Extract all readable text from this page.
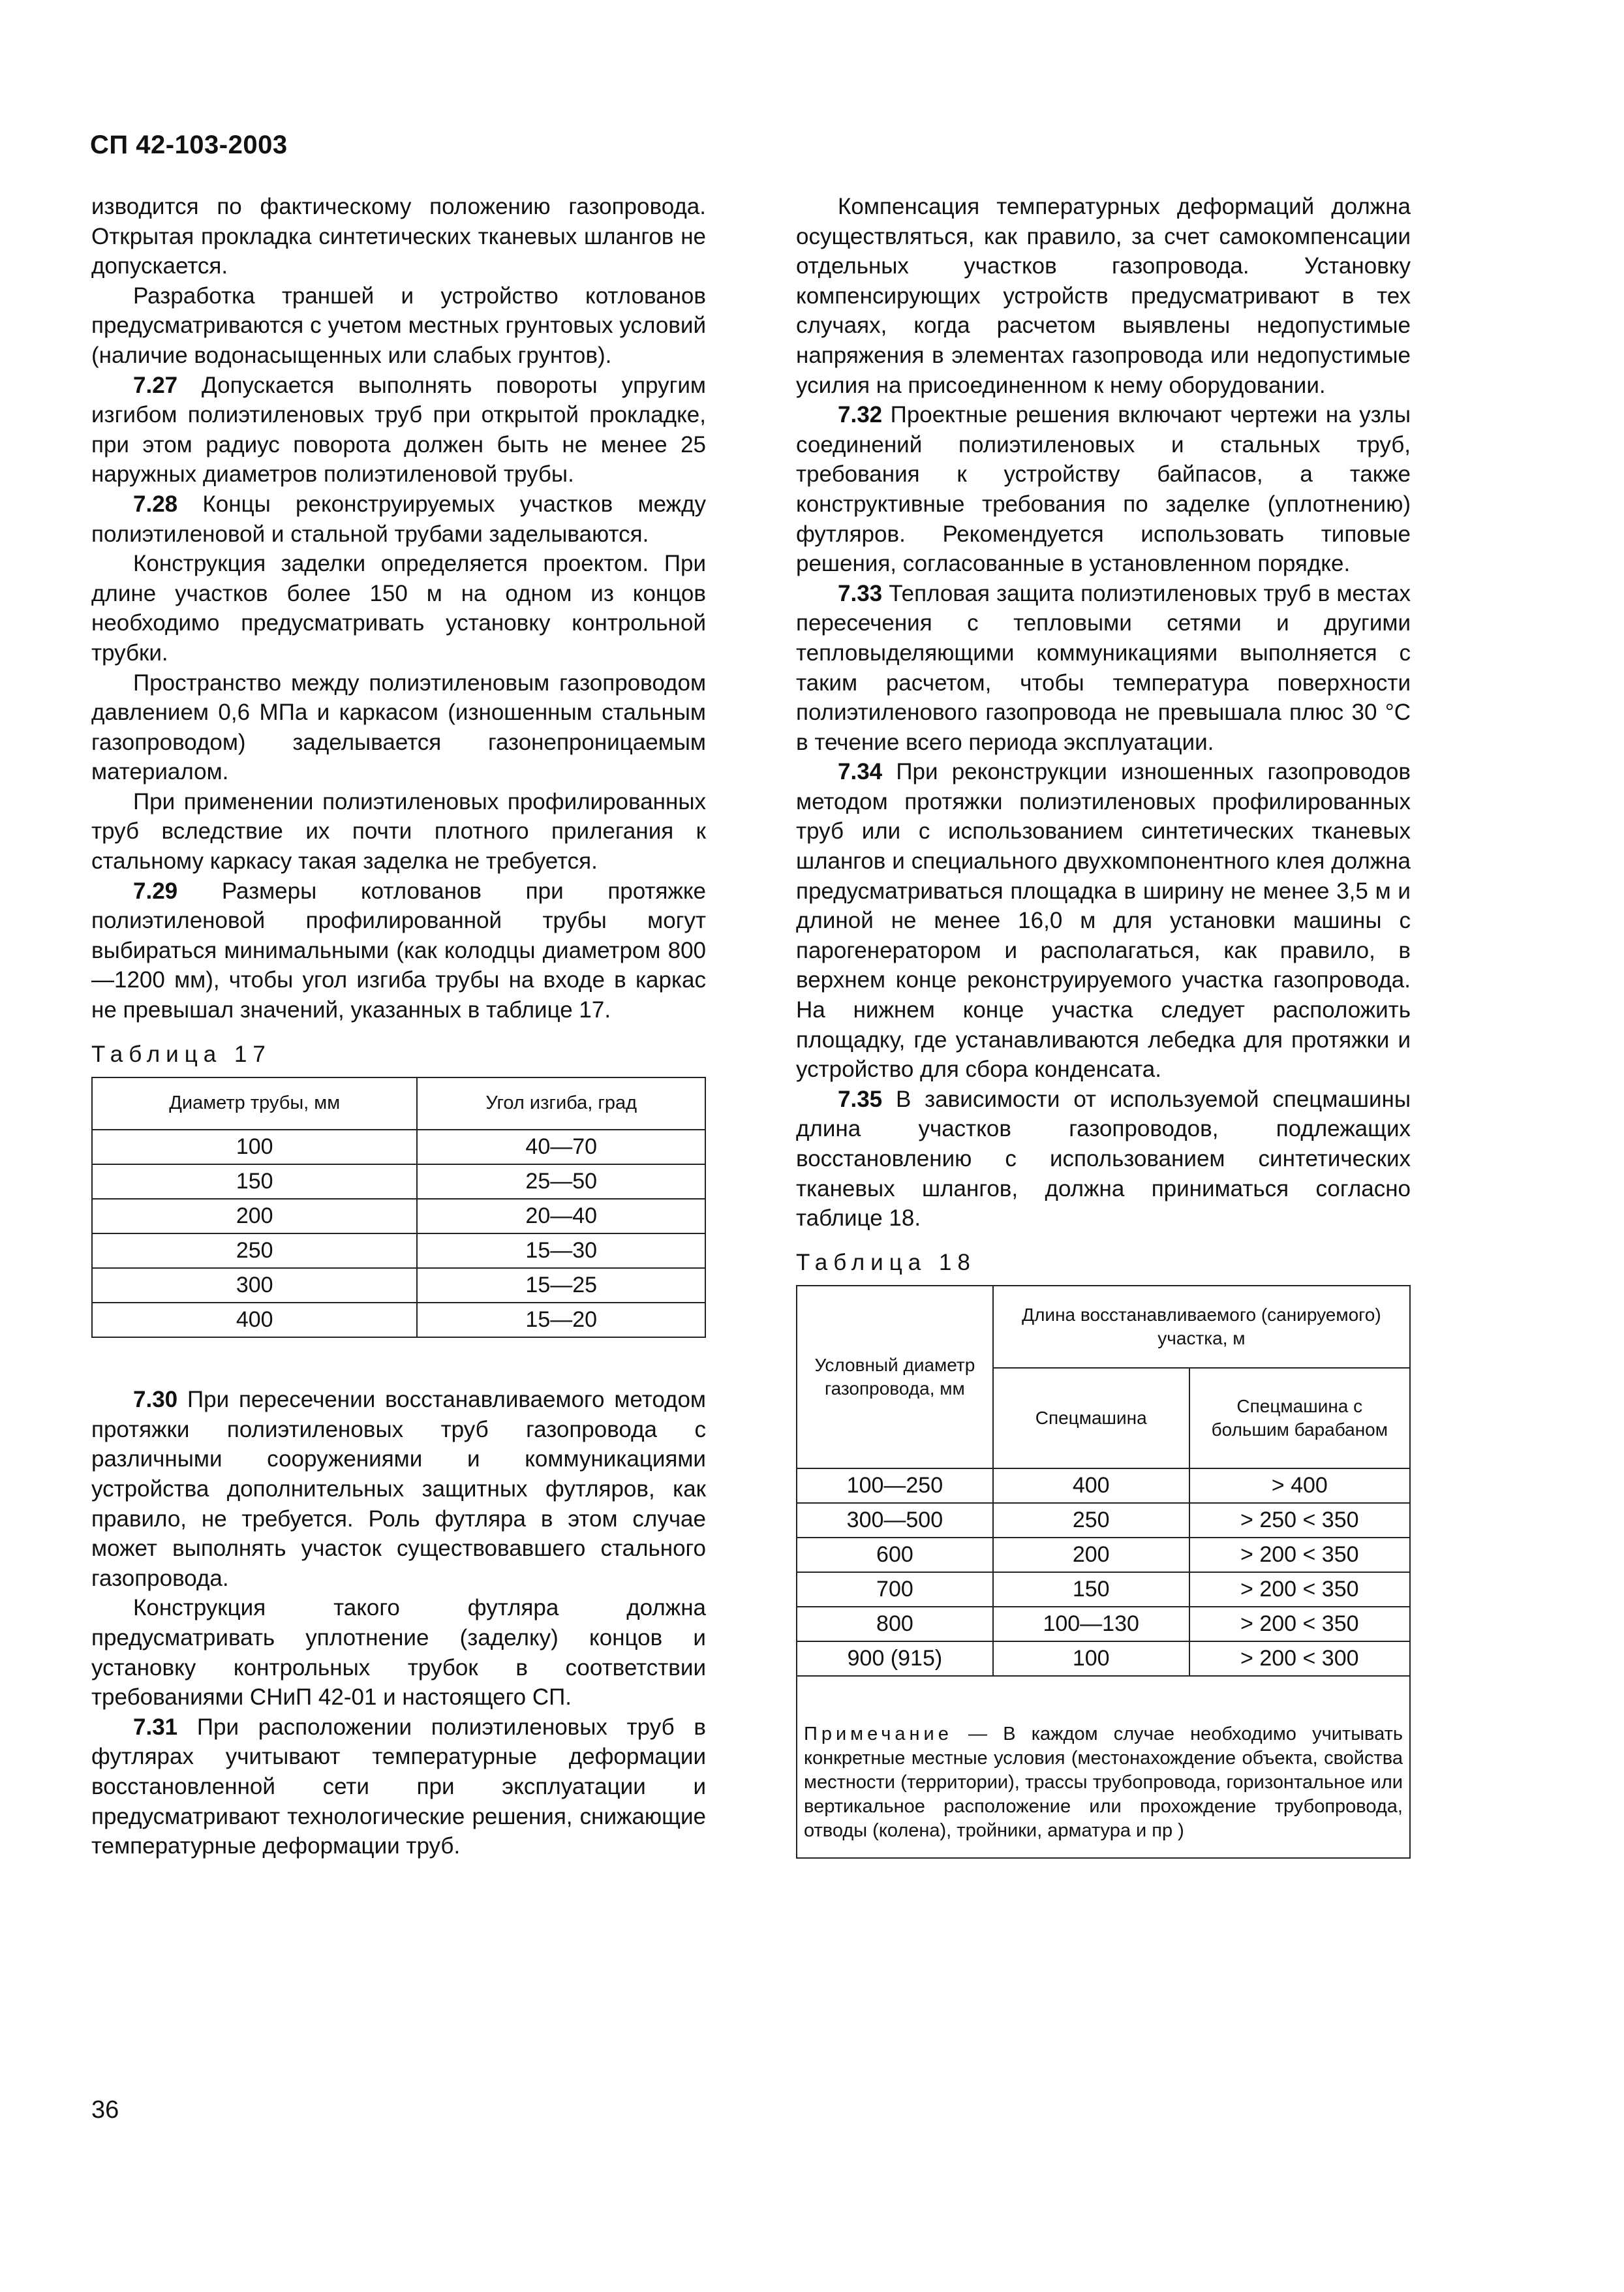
СП 42-103-2003

изводится по фактическому положению газопровода. Открытая прокладка синтетических тканевых шлангов не допускается.

Разработка траншей и устройство котлованов предусматриваются с учетом местных грунтовых условий (наличие водонасыщенных или слабых грунтов).

7.27 Допускается выполнять повороты упругим изгибом полиэтиленовых труб при открытой прокладке, при этом радиус поворота должен быть не менее 25 наружных диаметров полиэтиленовой трубы.

7.28 Концы реконструируемых участков между полиэтиленовой и стальной трубами заделываются.

Конструкция заделки определяется проектом. При длине участков более 150 м на одном из концов необходимо предусматривать установку контрольной трубки.

Пространство между полиэтиленовым газопроводом давлением 0,6 МПа и каркасом (изношенным стальным газопроводом) заделывается газонепроницаемым материалом.

При применении полиэтиленовых профилированных труб вследствие их почти плотного прилегания к стальному каркасу такая заделка не требуется.

7.29 Размеры котлованов при протяжке полиэтиленовой профилированной трубы могут выбираться минимальными (как колодцы диаметром 800—1200 мм), чтобы угол изгиба трубы на входе в каркас не превышал значений, указанных в таблице 17.

Таблица 17
Диаметр трубы, мм	Угол изгиба, град
100	40—70
150	25—50
200	20—40
250	15—30
300	15—25
400	15—20

7.30 При пересечении восстанавливаемого методом протяжки полиэтиленовых труб газопровода с различными сооружениями и коммуникациями устройства дополнительных защитных футляров, как правило, не требуется. Роль футляра в этом случае может выполнять участок существовавшего стального газопровода.

Конструкция такого футляра должна предусматривать уплотнение (заделку) концов и установку контрольных трубок в соответствии требованиями СНиП 42-01 и настоящего СП.

7.31 При расположении полиэтиленовых труб в футлярах учитывают температурные деформации восстановленной сети при эксплуатации и предусматривают технологические решения, снижающие температурные деформации труб.

Компенсация температурных деформаций должна осуществляться, как правило, за счет самокомпенсации отдельных участков газопровода. Установку компенсирующих устройств предусматривают в тех случаях, когда расчетом выявлены недопустимые напряжения в элементах газопровода или недопустимые усилия на присоединенном к нему оборудовании.

7.32 Проектные решения включают чертежи на узлы соединений полиэтиленовых и стальных труб, требования к устройству байпасов, а также конструктивные требования по заделке (уплотнению) футляров. Рекомендуется использовать типовые решения, согласованные в установленном порядке.

7.33 Тепловая защита полиэтиленовых труб в местах пересечения с тепловыми сетями и другими тепловыделяющими коммуникациями выполняется с таким расчетом, чтобы температура поверхности полиэтиленового газопровода не превышала плюс 30 °С в течение всего периода эксплуатации.

7.34 При реконструкции изношенных газопроводов методом протяжки полиэтиленовых профилированных труб или с использованием синтетических тканевых шлангов и специального двухкомпонентного клея должна предусматриваться площадка в ширину не менее 3,5 м и длиной не менее 16,0 м для установки машины с парогенератором и располагаться, как правило, в верхнем конце реконструируемого участка газопровода. На нижнем конце участка следует расположить площадку, где устанавливаются лебедка для протяжки и устройство для сбора конденсата.

7.35 В зависимости от используемой спецмашины длина участков газопроводов, подлежащих восстановлению с использованием синтетических тканевых шлангов, должна приниматься согласно таблице 18.

Таблица 18
Условный диаметр газопровода, мм	Длина восстанавливаемого (санируемого) участка, м	
	Спецмашина	Спецмашина с большим барабаном
100—250	400	> 400
300—500	250	> 250 < 350
600	200	> 200 < 350
700	150	> 200 < 350
800	100—130	> 200 < 350
900 (915)	100	> 200 < 300
Примечание — В каждом случае необходимо учитывать конкретные местные условия (местонахождение объекта, свойства местности (территории), трассы трубопровода, горизонтальное или вертикальное расположение или прохождение трубопровода, отводы (колена), тройники, арматура и пр )		
36
